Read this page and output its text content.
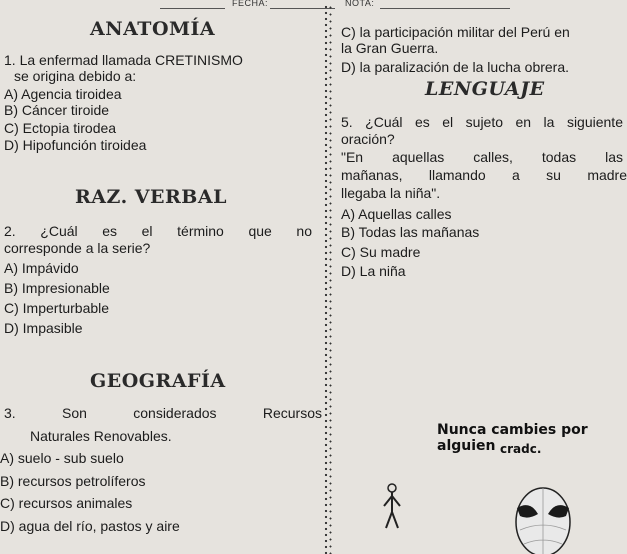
FECHA:	NOTA:
ANATOMÍA
1. La enfermad llamada CRETINISMO
se origina debido a:
A) Agencia tiroidea
B) Cáncer tiroide
C) Ectopia tirodea
D) Hipofunción tiroidea
RAZ. VERBAL
2. ¿Cuál es el término que no
corresponde a la serie?
A) Impávido
B) Impresionable
C) Imperturbable
D) Impasible
GEOGRAFÍA
3. Son considerados Recursos
Naturales Renovables.
A) suelo - sub suelo
B) recursos petrolíferos
C) recursos animales
D) agua del río, pastos y aire
C) la participación militar del Perú en
la Gran Guerra.
D) la paralización de la lucha obrera.
LENGUAJE
5. ¿Cuál es el sujeto en la siguiente
oración?
"En aquellas calles, todas las
mañanas, llamando a su madre
llegaba la niña".
A) Aquellas calles
B) Todas las mañanas
C) Su madre
D) La niña
Nunca cambies por alguien cradc.
